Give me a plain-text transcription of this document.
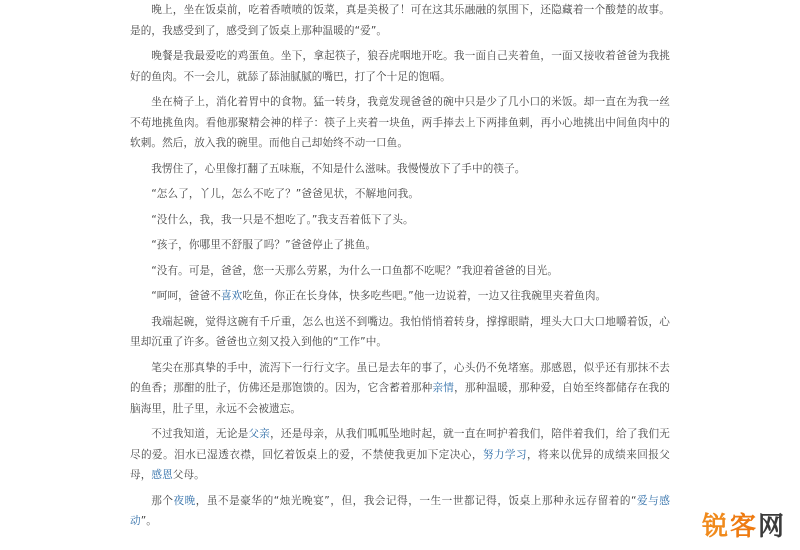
晚上，坐在饭桌前，吃着香喷喷的饭菜，真是美极了！可在这其乐融融的氛围下，还隐藏着一个酸楚的故事。是的，我感受到了，感受到了饭桌上那种温暖的“爱”。

晚餐是我最爱吃的鸡蛋鱼。坐下，拿起筷子，狼吞虎咽地开吃。我一面自己夹着鱼，一面又接收着爸爸为我挑好的鱼肉。不一会儿，就舔了舔油腻腻的嘴巴，打了个十足的饱嗝。

坐在椅子上，消化着胃中的食物。猛一转身，我竟发现爸爸的碗中只是少了几小口的米饭。却一直在为我一丝不苟地挑鱼肉。看他那聚精会神的样子：筷子上夹着一块鱼，两手捧去上下两排鱼刺，再小心地挑出中间鱼肉中的软刺。然后，放入我的碗里。而他自己却始终不动一口鱼。

我愣住了，心里像打翻了五味瓶，不知是什么滋味。我慢慢放下了手中的筷子。

“怎么了，丫儿，怎么不吃了？”爸爸见状，不解地问我。

“没什么，我，我一只是不想吃了。”我支吾着低下了头。

“孩子，你哪里不舒服了吗？”爸爸停止了挑鱼。

“没有。可是，爸爸，您一天那么劳累，为什么一口鱼都不吃呢？”我迎着爸爸的目光。

“呵呵，爸爸不喜欢吃鱼，你正在长身体，快多吃些吧。”他一边说着，一边又往我碗里夹着鱼肉。

我端起碗，觉得这碗有千斤重，怎么也送不到嘴边。我怕悄悄着转身，撑撑眼睛，埋头大口大口地嚼着饭，心里却沉重了许多。爸爸也立刻又投入到他的“工作”中。

笔尖在那真挚的手中，流泻下一行行文字。虽已是去年的事了，心头仍不免堵塞。那感恩，似乎还有那抹不去的鱼香；那酣的肚子，仿佛还是那饱馈的。因为，它含蓄着那种亲情，那种温暖，那种爱，自始至终都储存在我的脑海里，肚子里，永远不会被遗忘。

不过我知道，无论是父亲，还是母亲，从我们呱呱坠地时起，就一直在呵护着我们，陪伴着我们，给了我们无尽的爱。泪水已湿透衣襟，回忆着饭桌上的爱，不禁使我更加下定决心，努力学习，将来以优异的成绩来回报父母，感恩父母。

那个夜晚，虽不是豪华的“烛光晚宴”，但，我会记得，一生一世都记得，饭桌上那种永远存留着的“爱与感动”。	锐 客 网
